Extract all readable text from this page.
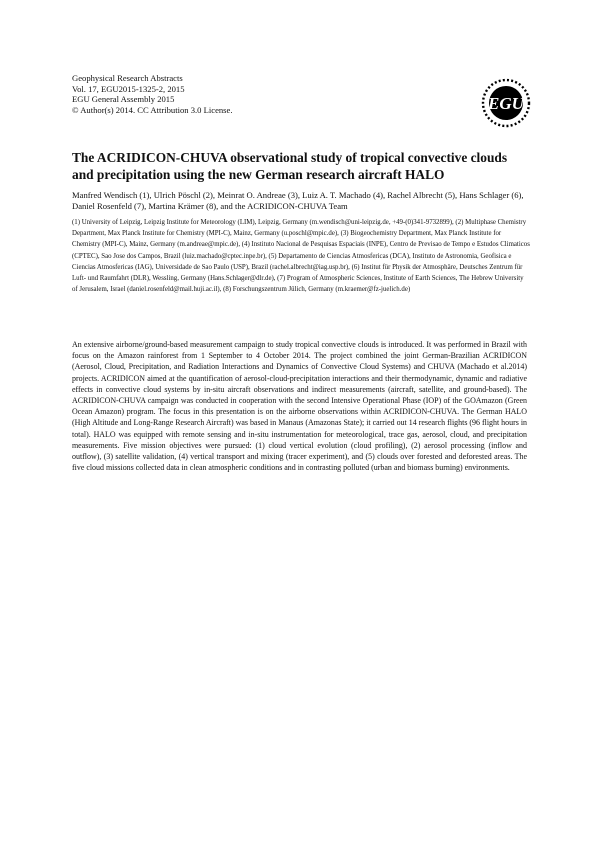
Geophysical Research Abstracts
Vol. 17, EGU2015-1325-2, 2015
EGU General Assembly 2015
© Author(s) 2014. CC Attribution 3.0 License.	EGU
The ACRIDICON-CHUVA observational study of tropical convective clouds and precipitation using the new German research aircraft HALO

Manfred Wendisch (1), Ulrich Pöschl (2), Meinrat O. Andreae (3), Luiz A. T. Machado (4), Rachel Albrecht (5), Hans Schlager (6), Daniel Rosenfeld (7), Martina Krämer (8), and the ACRIDICON-CHUVA Team

(1) University of Leipzig, Leipzig Institute for Meteorology (LIM), Leipzig, Germany (m.wendisch@uni-leipzig.de, +49-(0)341-9732899), (2) Multiphase Chemistry Department, Max Planck Institute for Chemistry (MPI-C), Mainz, Germany (u.poschl@mpic.de), (3) Biogeochemistry Department, Max Planck Institute for Chemistry (MPI-C), Mainz, Germany (m.andreae@mpic.de), (4) Instituto Nacional de Pesquisas Espaciais (INPE), Centro de Previsao de Tempo e Estudos Climaticos (CPTEC), Sao Jose dos Campos, Brazil (luiz.machado@cptec.inpe.br), (5) Departamento de Ciencias Atmosfericas (DCA), Instituto de Astronomia, Geofisica e Ciencias Atmosfericas (IAG), Universidade de Sao Paulo (USP), Brazil (rachel.albrecht@iag.usp.br), (6) Institut für Physik der Atmosphäre, Deutsches Zentrum für Luft- und Raumfahrt (DLR), Wessling, Germany (Hans.Schlager@dlr.de), (7) Program of Atmospheric Sciences, Institute of Earth Sciences, The Hebrew University of Jerusalem, Israel (daniel.rosenfeld@mail.huji.ac.il), (8) Forschungszentrum Jülich, Germany (m.kraemer@fz-juelich.de)

An extensive airborne/ground-based measurement campaign to study tropical convective clouds is introduced. It was performed in Brazil with focus on the Amazon rainforest from 1 September to 4 October 2014. The project combined the joint German-Brazilian ACRIDICON (Aerosol, Cloud, Precipitation, and Radiation Interactions and Dynamics of Convective Cloud Systems) and CHUVA (Machado et al.2014) projects. ACRIDICON aimed at the quantification of aerosol-cloud-precipitation interactions and their thermodynamic, dynamic and radiative effects in convective cloud systems by in-situ aircraft observations and indirect measurements (aircraft, satellite, and ground-based). The ACRIDICON-CHUVA campaign was conducted in cooperation with the second Intensive Operational Phase (IOP) of the GOAmazon (Green Ocean Amazon) program. The focus in this presentation is on the airborne observations within ACRIDICON-CHUVA. The German HALO (High Altitude and Long-Range Research Aircraft) was based in Manaus (Amazonas State); it carried out 14 research flights (96 flight hours in total). HALO was equipped with remote sensing and in-situ instrumentation for meteorological, trace gas, aerosol, cloud, and precipitation measurements. Five mission objectives were pursued: (1) cloud vertical evolution (cloud profiling), (2) aerosol processing (inflow and outflow), (3) satellite validation, (4) vertical transport and mixing (tracer experiment), and (5) clouds over forested and deforested areas. The five cloud missions collected data in clean atmospheric conditions and in contrasting polluted (urban and biomass burning) environments.
